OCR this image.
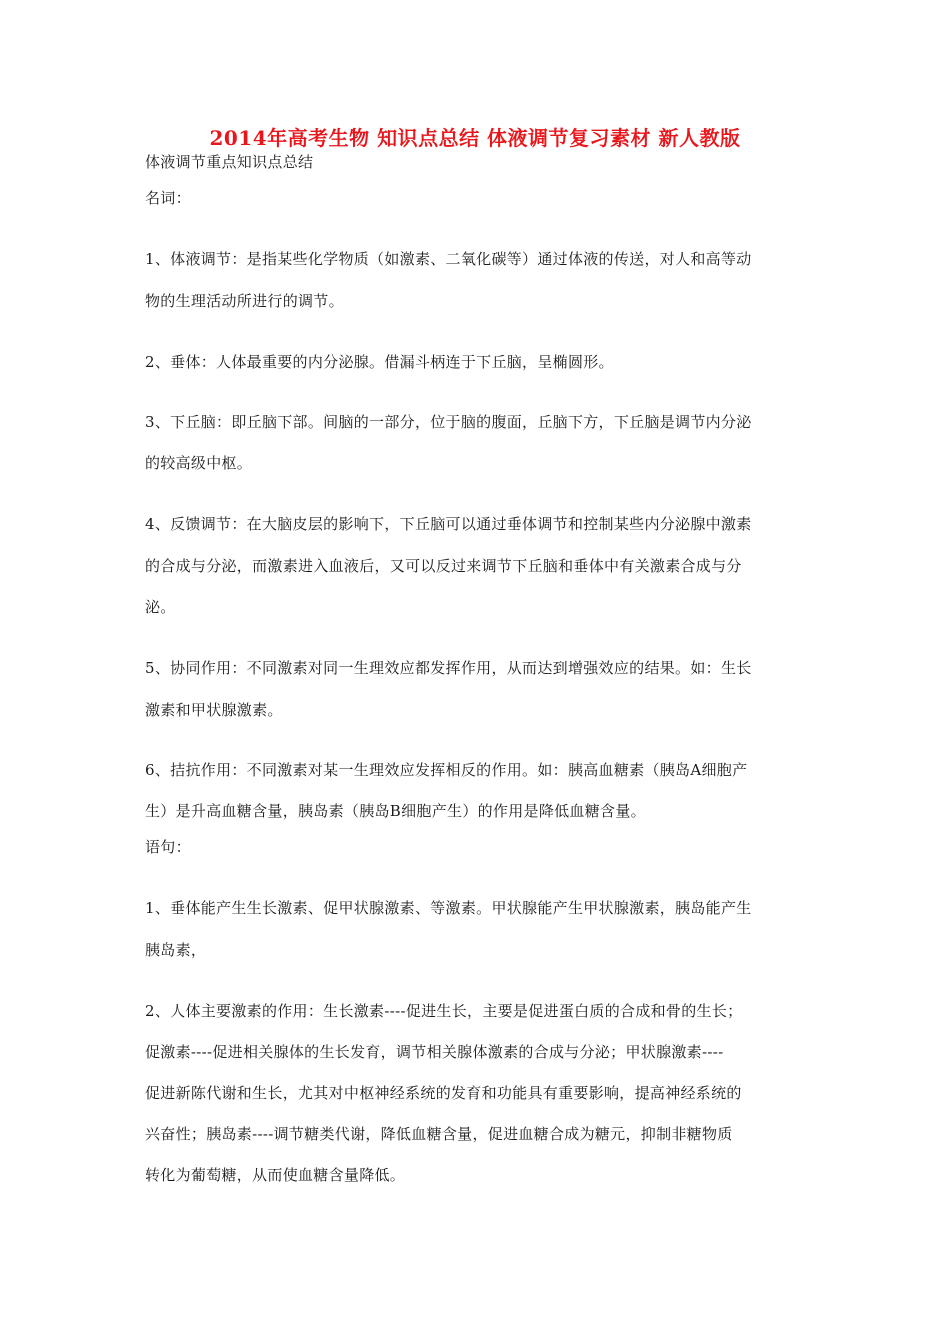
2014年高考生物 知识点总结 体液调节复习素材 新人教版
体液调节重点知识点总结
名词：
1、体液调节：是指某些化学物质（如激素、二氧化碳等）通过体液的传送，对人和高等动
物的生理活动所进行的调节。
2、垂体：人体最重要的内分泌腺。借漏斗柄连于下丘脑，呈椭圆形。
3、下丘脑：即丘脑下部。间脑的一部分，位于脑的腹面，丘脑下方，下丘脑是调节内分泌
的较高级中枢。
4、反馈调节：在大脑皮层的影响下，下丘脑可以通过垂体调节和控制某些内分泌腺中激素
的合成与分泌，而激素进入血液后，又可以反过来调节下丘脑和垂体中有关激素合成与分
泌。
5、协同作用：不同激素对同一生理效应都发挥作用，从而达到增强效应的结果。如：生长
激素和甲状腺激素。
6、拮抗作用：不同激素对某一生理效应发挥相反的作用。如：胰高血糖素（胰岛A细胞产
生）是升高血糖含量，胰岛素（胰岛B细胞产生）的作用是降低血糖含量。
语句：
1、垂体能产生生长激素、促甲状腺激素、等激素。甲状腺能产生甲状腺激素，胰岛能产生
胰岛素，
2、人体主要激素的作用：生长激素----促进生长，主要是促进蛋白质的合成和骨的生长；
促激素----促进相关腺体的生长发育，调节相关腺体激素的合成与分泌；甲状腺激素----
促进新陈代谢和生长，尤其对中枢神经系统的发育和功能具有重要影响，提高神经系统的
兴奋性；胰岛素----调节糖类代谢，降低血糖含量，促进血糖合成为糖元，抑制非糖物质
转化为葡萄糖，从而使血糖含量降低。
